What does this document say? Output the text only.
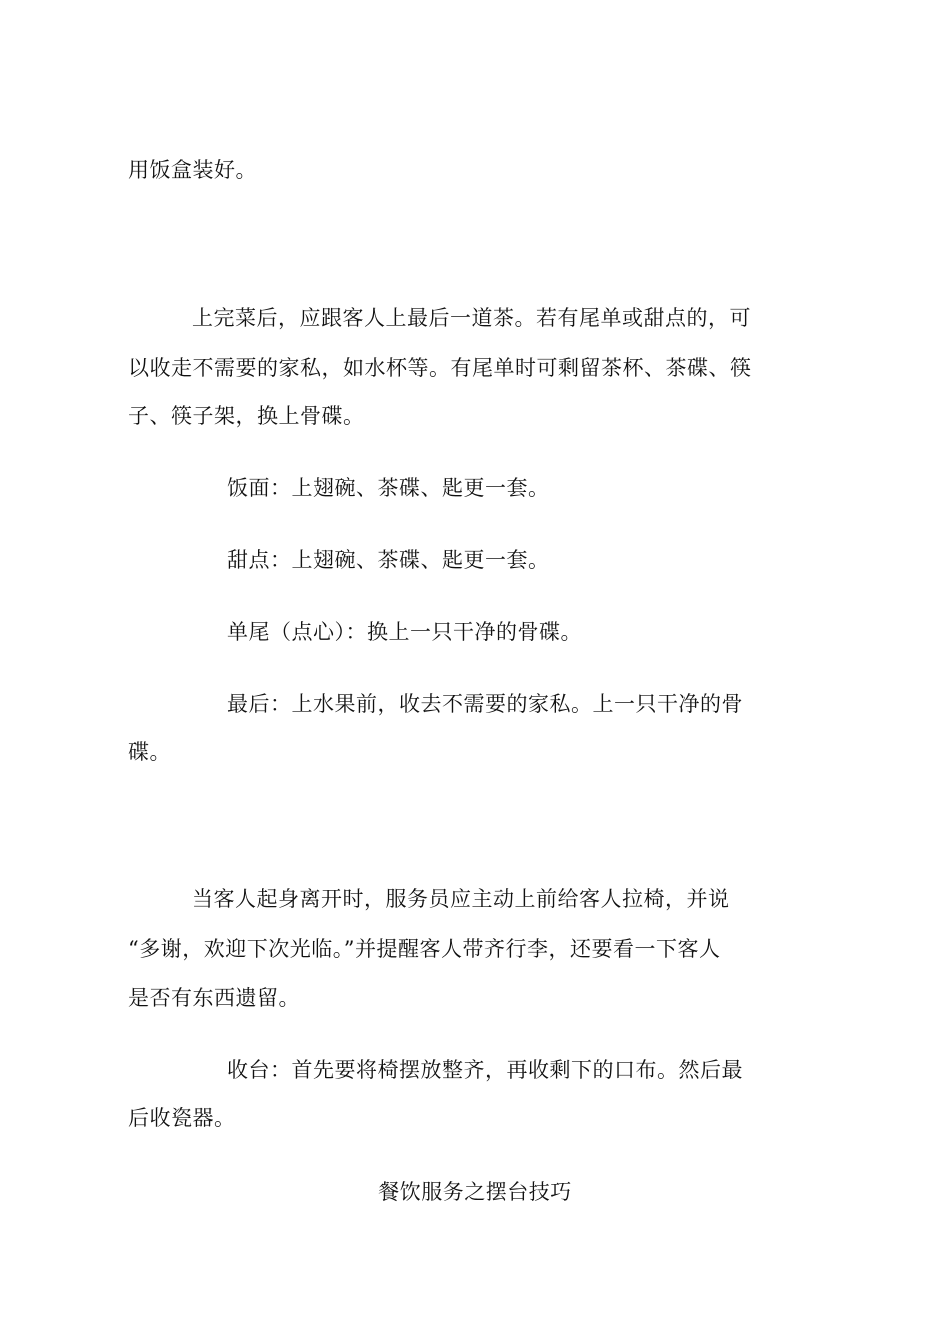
用饭盒装好。
上完菜后，应跟客人上最后一道茶。若有尾单或甜点的，可
以收走不需要的家私，如水杯等。有尾单时可剩留茶杯、茶碟、筷
子、筷子架，换上骨碟。
饭面：上翅碗、茶碟、匙更一套。
甜点：上翅碗、茶碟、匙更一套。
单尾（点心）：换上一只干净的骨碟。
最后：上水果前，收去不需要的家私。上一只干净的骨
碟。
当客人起身离开时，服务员应主动上前给客人拉椅，并说
“多谢，欢迎下次光临。”并提醒客人带齐行李，还要看一下客人
是否有东西遗留。
收台：首先要将椅摆放整齐，再收剩下的口布。然后最
后收瓷器。
餐饮服务之摆台技巧
